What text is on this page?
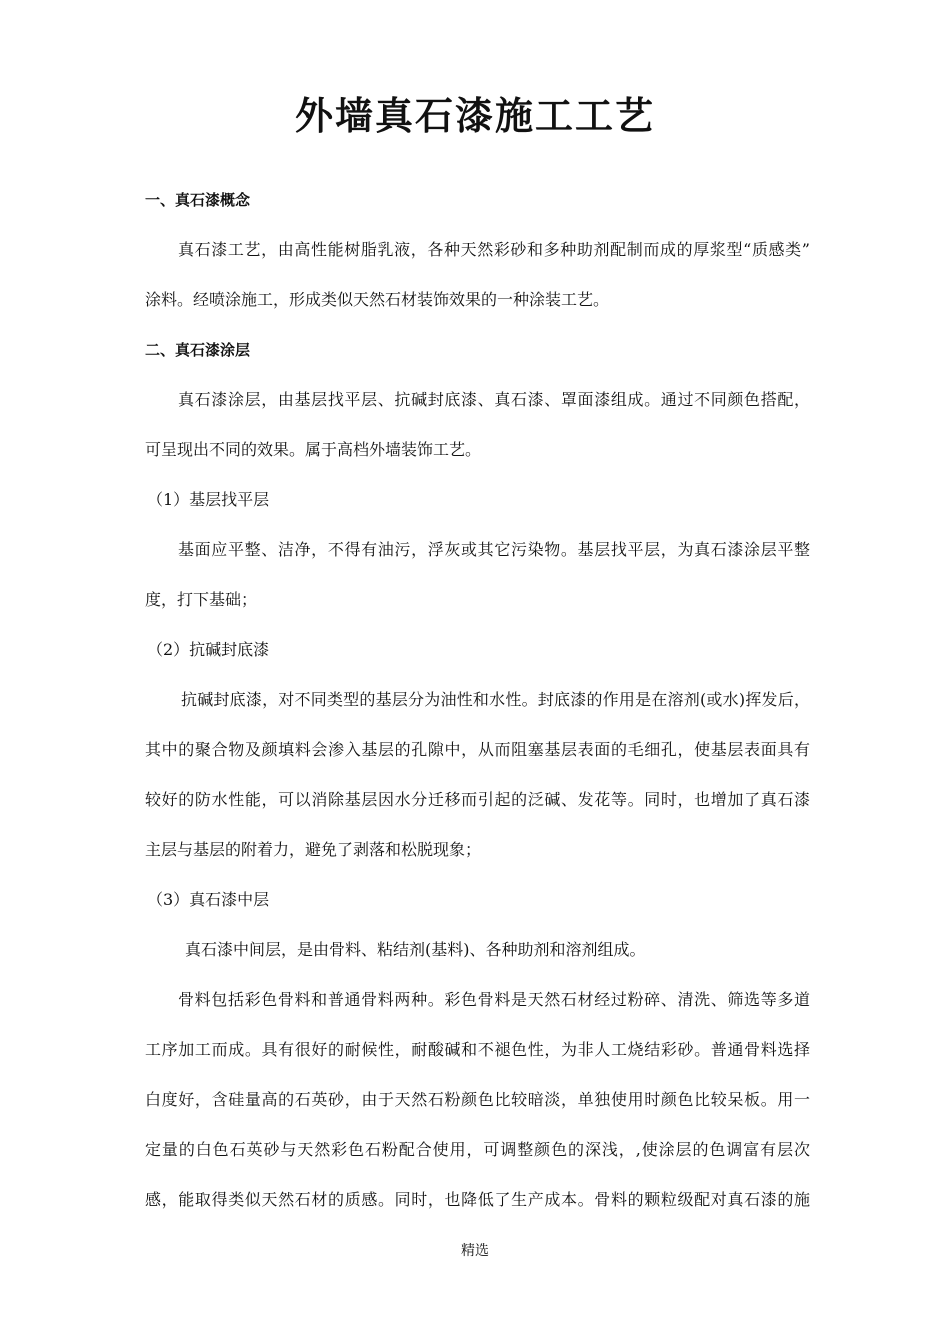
外墙真石漆施工工艺
一、真石漆概念
真石漆工艺，由高性能树脂乳液，各种天然彩砂和多种助剂配制而成的厚浆型“质感类”
涂料。经喷涂施工，形成类似天然石材装饰效果的一种涂装工艺。
二、真石漆涂层
真石漆涂层，由基层找平层、抗碱封底漆、真石漆、罩面漆组成。通过不同颜色搭配，
可呈现出不同的效果。属于高档外墙装饰工艺。
（1）基层找平层
基面应平整、洁净，不得有油污，浮灰或其它污染物。基层找平层，为真石漆涂层平整
度，打下基础；
（2）抗碱封底漆
抗碱封底漆，对不同类型的基层分为油性和水性。封底漆的作用是在溶剂(或水)挥发后，
其中的聚合物及颜填料会渗入基层的孔隙中，从而阻塞基层表面的毛细孔，使基层表面具有
较好的防水性能，可以消除基层因水分迁移而引起的泛碱、发花等。同时，也增加了真石漆
主层与基层的附着力，避免了剥落和松脱现象；
（3）真石漆中层
真石漆中间层，是由骨料、粘结剂(基料)、各种助剂和溶剂组成。
骨料包括彩色骨料和普通骨料两种。彩色骨料是天然石材经过粉碎、清洗、筛选等多道
工序加工而成。具有很好的耐候性，耐酸碱和不褪色性，为非人工烧结彩砂。普通骨料选择
白度好，含硅量高的石英砂，由于天然石粉颜色比较暗淡，单独使用时颜色比较呆板。用一
定量的白色石英砂与天然彩色石粉配合使用，可调整颜色的深浅，,使涂层的色调富有层次
感，能取得类似天然石材的质感。同时，也降低了生产成本。骨料的颗粒级配对真石漆的施
精选
